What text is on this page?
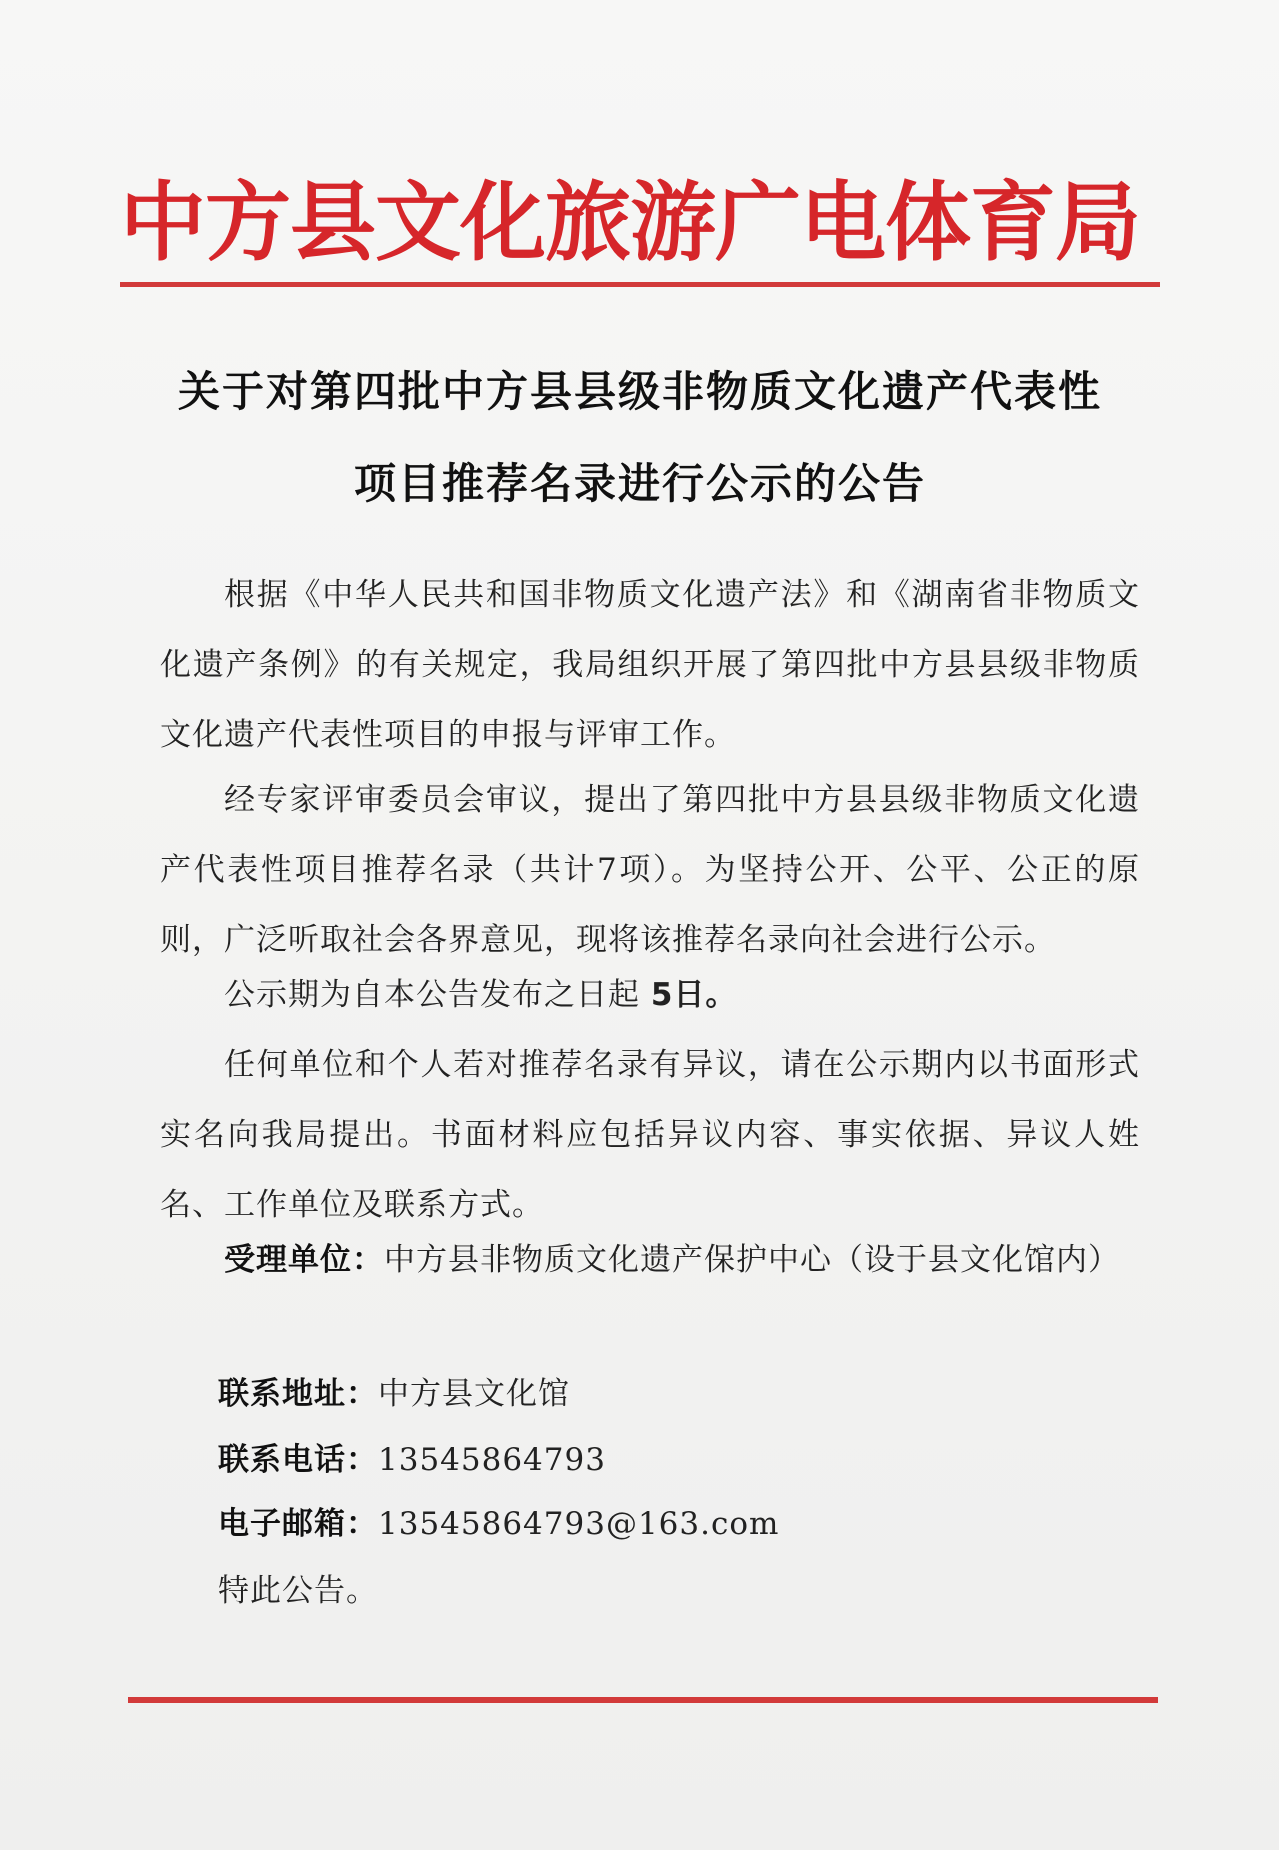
中方县文化旅游广电体育局
关于对第四批中方县县级非物质文化遗产代表性
项目推荐名录进行公示的公告

根据《中华人民共和国非物质文化遗产法》和《湖南省非物质文化遗产条例》的有关规定，我局组织开展了第四批中方县县级非物质文化遗产代表性项目的申报与评审工作。

经专家评审委员会审议，提出了第四批中方县县级非物质文化遗产代表性项目推荐名录（共计7项）。为坚持公开、公平、公正的原则，广泛听取社会各界意见，现将该推荐名录向社会进行公示。

公示期为自本公告发布之日起 5日。

任何单位和个人若对推荐名录有异议，请在公示期内以书面形式实名向我局提出。书面材料应包括异议内容、事实依据、异议人姓名、工作单位及联系方式。

受理单位：中方县非物质文化遗产保护中心（设于县文化馆内）

联系地址：中方县文化馆

联系电话：13545864793

电子邮箱：13545864793@163.com

特此公告。
